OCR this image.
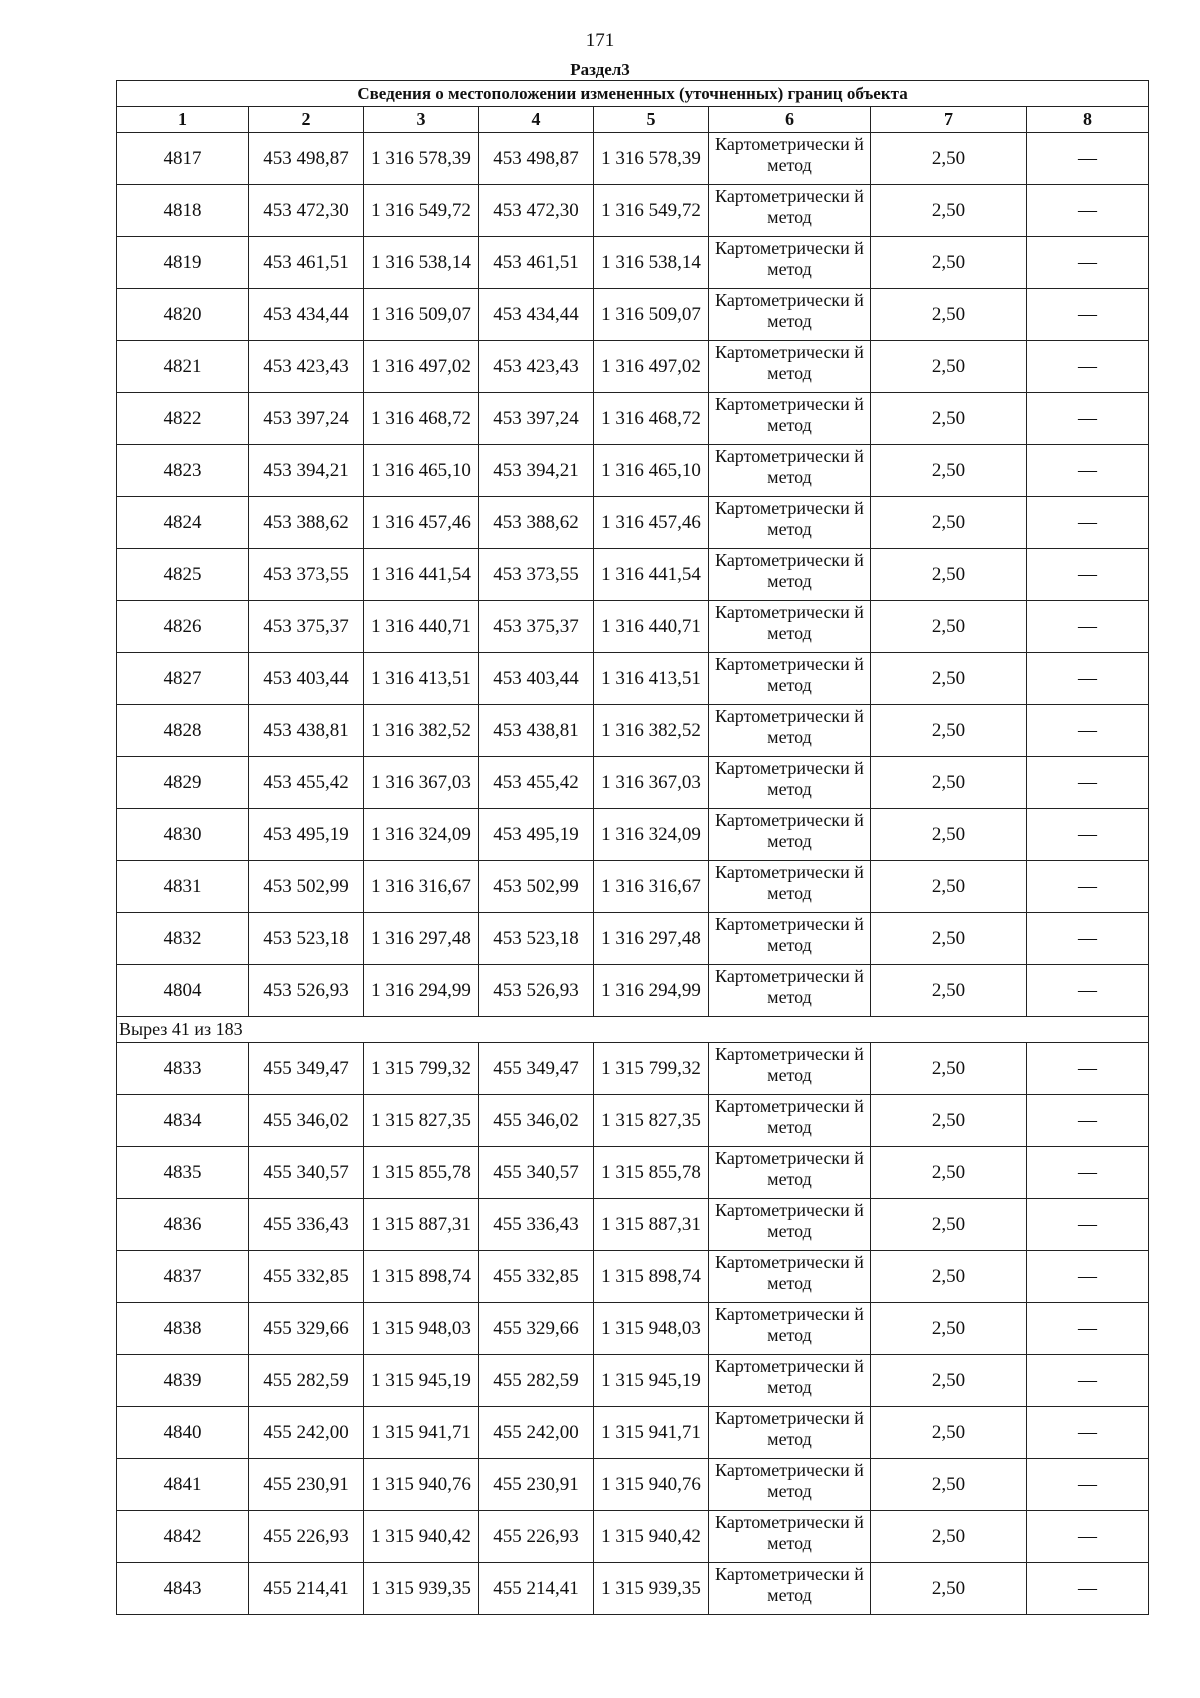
171
Раздел3
Сведения о местоположении измененных (уточненных) границ объекта							
1	2	3	4	5	6	7	8
4817	453 498,87	1 316 578,39	453 498,87	1 316 578,39	Картометрически й метод	2,50	—
4818	453 472,30	1 316 549,72	453 472,30	1 316 549,72	Картометрически й метод	2,50	—
4819	453 461,51	1 316 538,14	453 461,51	1 316 538,14	Картометрически й метод	2,50	—
4820	453 434,44	1 316 509,07	453 434,44	1 316 509,07	Картометрически й метод	2,50	—
4821	453 423,43	1 316 497,02	453 423,43	1 316 497,02	Картометрически й метод	2,50	—
4822	453 397,24	1 316 468,72	453 397,24	1 316 468,72	Картометрически й метод	2,50	—
4823	453 394,21	1 316 465,10	453 394,21	1 316 465,10	Картометрически й метод	2,50	—
4824	453 388,62	1 316 457,46	453 388,62	1 316 457,46	Картометрически й метод	2,50	—
4825	453 373,55	1 316 441,54	453 373,55	1 316 441,54	Картометрически й метод	2,50	—
4826	453 375,37	1 316 440,71	453 375,37	1 316 440,71	Картометрически й метод	2,50	—
4827	453 403,44	1 316 413,51	453 403,44	1 316 413,51	Картометрически й метод	2,50	—
4828	453 438,81	1 316 382,52	453 438,81	1 316 382,52	Картометрически й метод	2,50	—
4829	453 455,42	1 316 367,03	453 455,42	1 316 367,03	Картометрически й метод	2,50	—
4830	453 495,19	1 316 324,09	453 495,19	1 316 324,09	Картометрически й метод	2,50	—
4831	453 502,99	1 316 316,67	453 502,99	1 316 316,67	Картометрически й метод	2,50	—
4832	453 523,18	1 316 297,48	453 523,18	1 316 297,48	Картометрически й метод	2,50	—
4804	453 526,93	1 316 294,99	453 526,93	1 316 294,99	Картометрически й метод	2,50	—
Вырез 41 из 183							
4833	455 349,47	1 315 799,32	455 349,47	1 315 799,32	Картометрически й метод	2,50	—
4834	455 346,02	1 315 827,35	455 346,02	1 315 827,35	Картометрически й метод	2,50	—
4835	455 340,57	1 315 855,78	455 340,57	1 315 855,78	Картометрически й метод	2,50	—
4836	455 336,43	1 315 887,31	455 336,43	1 315 887,31	Картометрически й метод	2,50	—
4837	455 332,85	1 315 898,74	455 332,85	1 315 898,74	Картометрически й метод	2,50	—
4838	455 329,66	1 315 948,03	455 329,66	1 315 948,03	Картометрически й метод	2,50	—
4839	455 282,59	1 315 945,19	455 282,59	1 315 945,19	Картометрически й метод	2,50	—
4840	455 242,00	1 315 941,71	455 242,00	1 315 941,71	Картометрически й метод	2,50	—
4841	455 230,91	1 315 940,76	455 230,91	1 315 940,76	Картометрически й метод	2,50	—
4842	455 226,93	1 315 940,42	455 226,93	1 315 940,42	Картометрически й метод	2,50	—
4843	455 214,41	1 315 939,35	455 214,41	1 315 939,35	Картометрически й метод	2,50	—
